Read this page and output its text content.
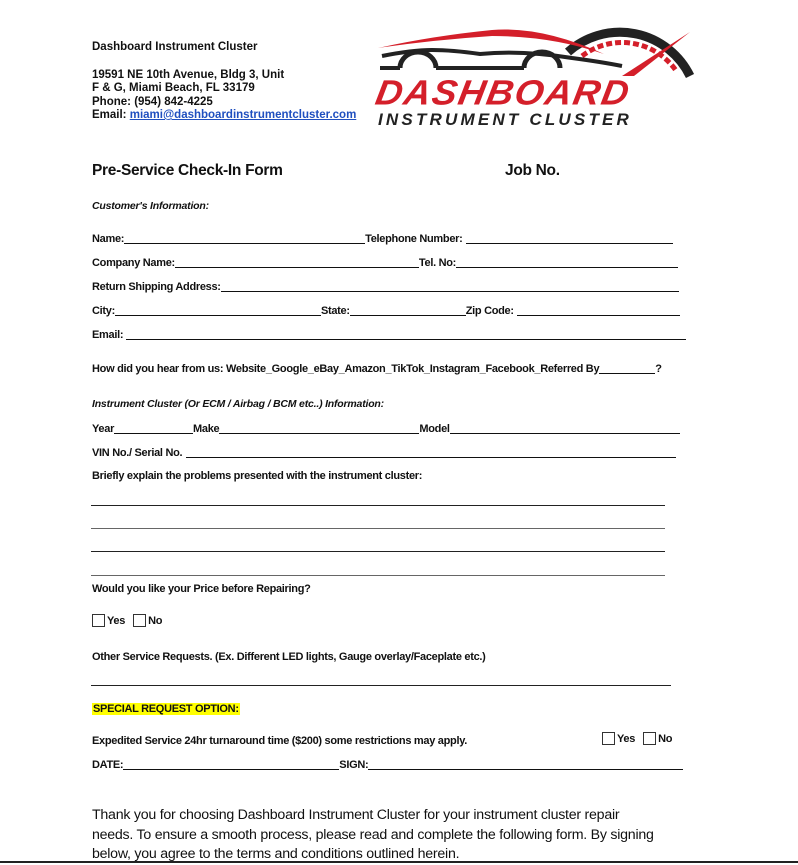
Dashboard Instrument Cluster
19591 NE 10th Avenue, Bldg 3, Unit
F & G, Miami Beach, FL 33179
Phone: (954) 842-4225
Email: miami@dashboardinstrumentcluster.com
DASHBOARD
INSTRUMENT CLUSTER
Pre-Service Check-In Form	Job No.
Customer's Information:
Name:	Telephone Number:
Company Name:	Tel. No:
Return Shipping Address:
City:	State:	Zip Code:
Email:
How did you hear from us: Website_Google_eBay_Amazon_TikTok_Instagram_Facebook_Referred By	?
Instrument Cluster (Or ECM / Airbag / BCM etc..) Information:
Year	Make	Model
VIN No./ Serial No.
Briefly explain the problems presented with the instrument cluster:
Would you like your Price before Repairing?
Yes No
Other Service Requests. (Ex. Different LED lights, Gauge overlay/Faceplate etc.)
SPECIAL REQUEST OPTION:
Expedited Service 24hr turnaround time ($200) some restrictions may apply.	Yes No
DATE:	SIGN:
Thank you for choosing Dashboard Instrument Cluster for your instrument cluster repair
needs. To ensure a smooth process, please read and complete the following form. By signing
below, you agree to the terms and conditions outlined herein.
